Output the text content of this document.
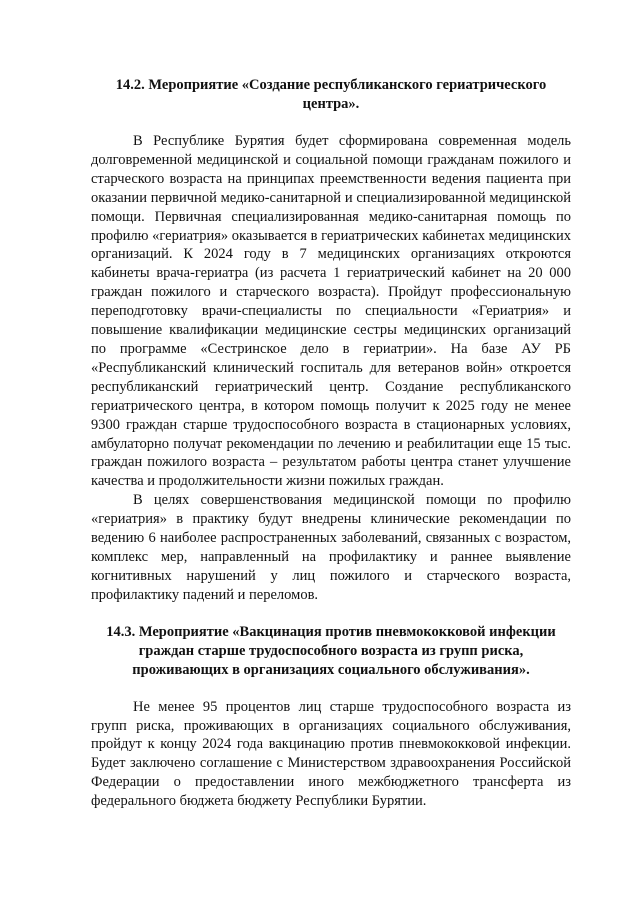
14.2. Мероприятие «Создание республиканского гериатрического центра».

В Республике Бурятия будет сформирована современная модель долговременной медицинской и социальной помощи гражданам пожилого и старческого возраста на принципах преемственности ведения пациента при оказании первичной медико-санитарной и специализированной медицинской помощи. Первичная специализированная медико-санитарная помощь по профилю «гериатрия» оказывается в гериатрических кабинетах медицинских организаций. К 2024 году в 7 медицинских организациях откроются кабинеты врача-гериатра (из расчета 1 гериатрический кабинет на 20 000 граждан пожилого и старческого возраста). Пройдут профессиональную переподготовку врачи-специалисты по специальности «Гериатрия» и повышение квалификации медицинские сестры медицинских организаций по программе «Сестринское дело в гериатрии». На базе АУ РБ «Республиканский клинический госпиталь для ветеранов войн» откроется республиканский гериатрический центр. Создание республиканского гериатрического центра, в котором помощь получит к 2025 году не менее 9300 граждан старше трудоспособного возраста в стационарных условиях, амбулаторно получат рекомендации по лечению и реабилитации еще 15 тыс. граждан пожилого возраста – результатом работы центра станет улучшение качества и продолжительности жизни пожилых граждан.

В целях совершенствования медицинской помощи по профилю «гериатрия» в практику будут внедрены клинические рекомендации по ведению 6 наиболее распространенных заболеваний, связанных с возрастом, комплекс мер, направленный на профилактику и раннее выявление когнитивных нарушений у лиц пожилого и старческого возраста, профилактику падений и переломов.

14.3. Мероприятие «Вакцинация против пневмококковой инфекции граждан старше трудоспособного возраста из групп риска, проживающих в организациях социального обслуживания».

Не менее 95 процентов лиц старше трудоспособного возраста из групп риска, проживающих в организациях социального обслуживания, пройдут к концу 2024 года вакцинацию против пневмококковой инфекции. Будет заключено соглашение с Министерством здравоохранения Российской Федерации о предоставлении иного межбюджетного трансферта из федерального бюджета бюджету Республики Бурятии.
